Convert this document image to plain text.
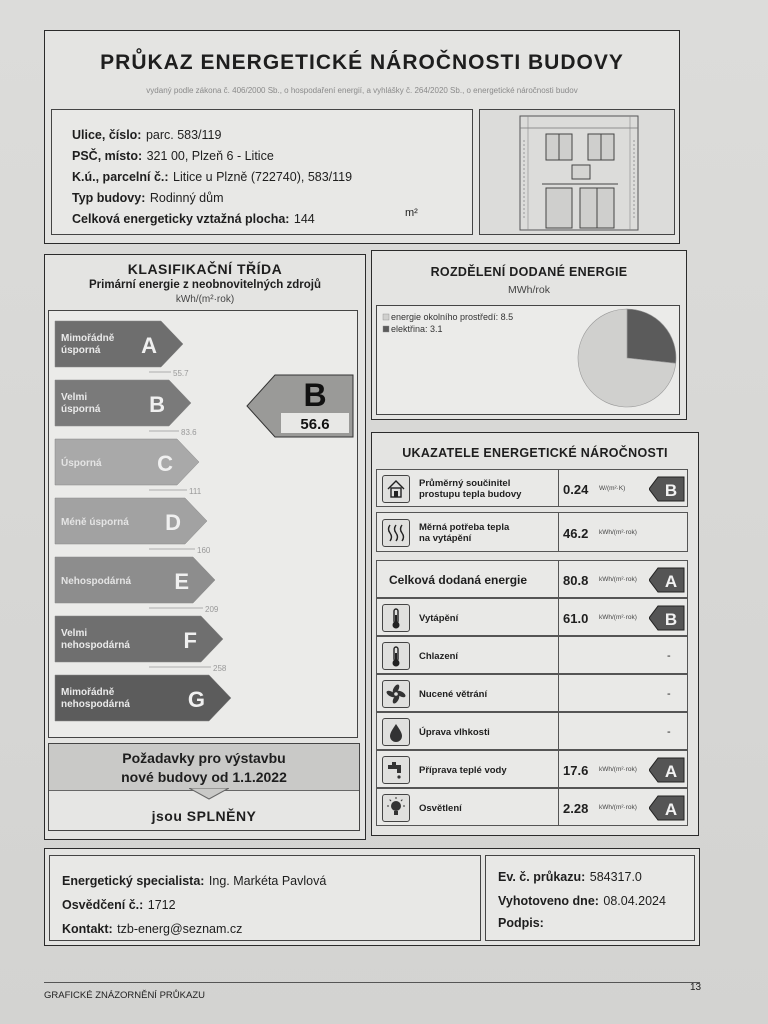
PRŮKAZ ENERGETICKÉ NÁROČNOSTI BUDOVY
vydaný podle zákona č. 406/2000 Sb., o hospodaření energií, a vyhlášky č. 264/2020 Sb., o energetické náročnosti budov
Ulice, číslo: parc. 583/119
PSČ, místo: 321 00, Plzeň 6 - Litice
K.ú., parcelní č.: Litice u Plzně (722740), 583/119
Typ budovy: Rodinný dům
Celková energeticky vztažná plocha: 144	m²
KLASIFIKAČNÍ TŘÍDA
Primární energie z neobnovitelných zdrojů
kWh/(m²·rok)
Mimořádně
úsporná A
55.7
Velmi
úsporná B
83.6
Úsporná	C
111
Méně úsporná D
160
Nehospodárná E
209
Velmi
nehospodárná F
258
Mimořádně
nehospodárná	G
B
56.6
Požadavky pro výstavbu
nové budovy od 1.1.2022
jsou SPLNĚNY
ROZDĚLENÍ DODANÉ ENERGIE
MWh/rok
energie okolního prostředí: 8.5
elektřina: 3.1
UKAZATELE ENERGETICKÉ NÁROČNOSTI
Průměrný součinitel
prostupu tepla budovy	0.24 W/(m²·K) B
Měrná potřeba tepla
na vytápění	46.2 kWh/(m²·rok)
Celková dodaná energie	80.8 kWh/(m²·rok) A
Vytápění	61.0 kWh/(m²·rok) B
Chlazení	-
Nucené větrání	-
Úprava vlhkosti	-
Příprava teplé vody	17.6 kWh/(m²·rok) A
Osvětlení	2.28 kWh/(m²·rok) A
Energetický specialista: Ing. Markéta Pavlová
Osvědčení č.: 1712
Kontakt: tzb-energ@seznam.cz
Ev. č. průkazu: 584317.0
Vyhotoveno dne: 08.04.2024
Podpis:
GRAFICKÉ ZNÁZORNĚNÍ PRŮKAZU
13
